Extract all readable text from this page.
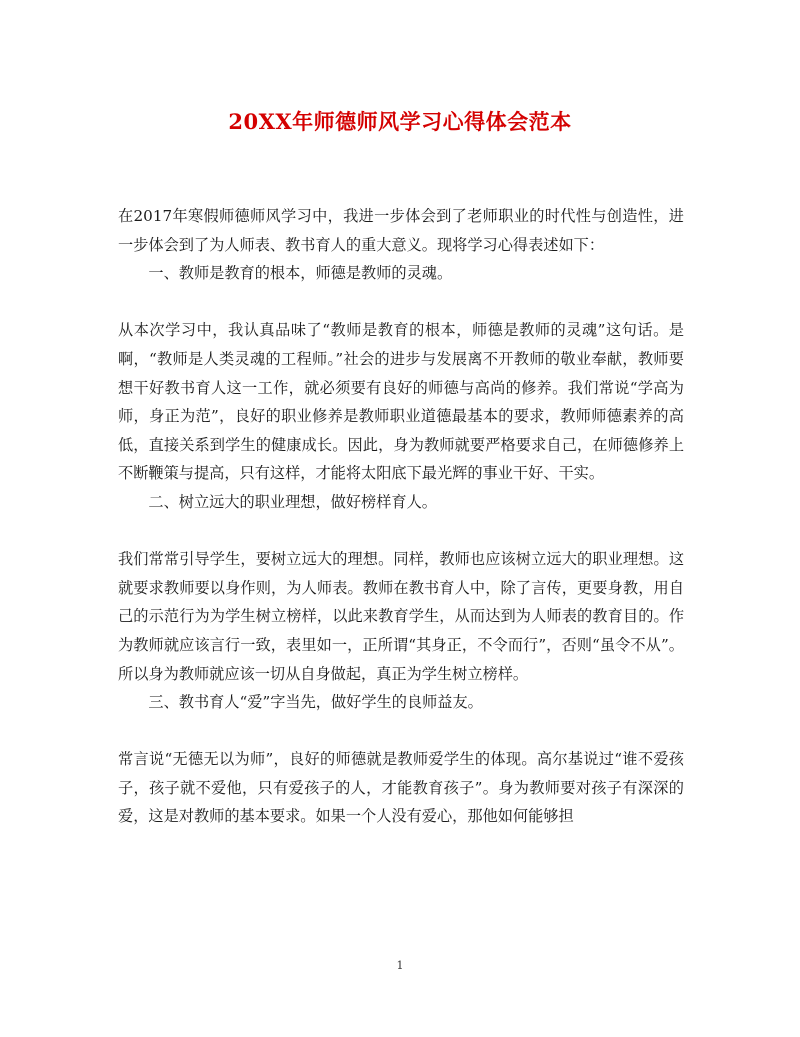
20XX年师德师风学习心得体会范本

在2017年寒假师德师风学习中，我进一步体会到了老师职业的时代性与创造性，进一步体会到了为人师表、教书育人的重大意义。现将学习心得表述如下：

一、教师是教育的根本，师德是教师的灵魂。

从本次学习中，我认真品味了“教师是教育的根本，师德是教师的灵魂”这句话。是啊，“教师是人类灵魂的工程师。”社会的进步与发展离不开教师的敬业奉献，教师要想干好教书育人这一工作，就必须要有良好的师德与高尚的修养。我们常说“学高为师，身正为范”，良好的职业修养是教师职业道德最基本的要求，教师师德素养的高低，直接关系到学生的健康成长。因此，身为教师就要严格要求自己，在师德修养上不断鞭策与提高，只有这样，才能将太阳底下最光辉的事业干好、干实。

二、树立远大的职业理想，做好榜样育人。

我们常常引导学生，要树立远大的理想。同样，教师也应该树立远大的职业理想。这就要求教师要以身作则，为人师表。教师在教书育人中，除了言传，更要身教，用自己的示范行为为学生树立榜样，以此来教育学生，从而达到为人师表的教育目的。作为教师就应该言行一致，表里如一，正所谓“其身正，不令而行”，否则“虽令不从”。所以身为教师就应该一切从自身做起，真正为学生树立榜样。

三、教书育人“爱”字当先，做好学生的良师益友。

常言说“无德无以为师”，良好的师德就是教师爱学生的体现。高尔基说过“谁不爱孩子，孩子就不爱他，只有爱孩子的人，才能教育孩子”。身为教师要对孩子有深深的爱，这是对教师的基本要求。如果一个人没有爱心，那他如何能够担

1
